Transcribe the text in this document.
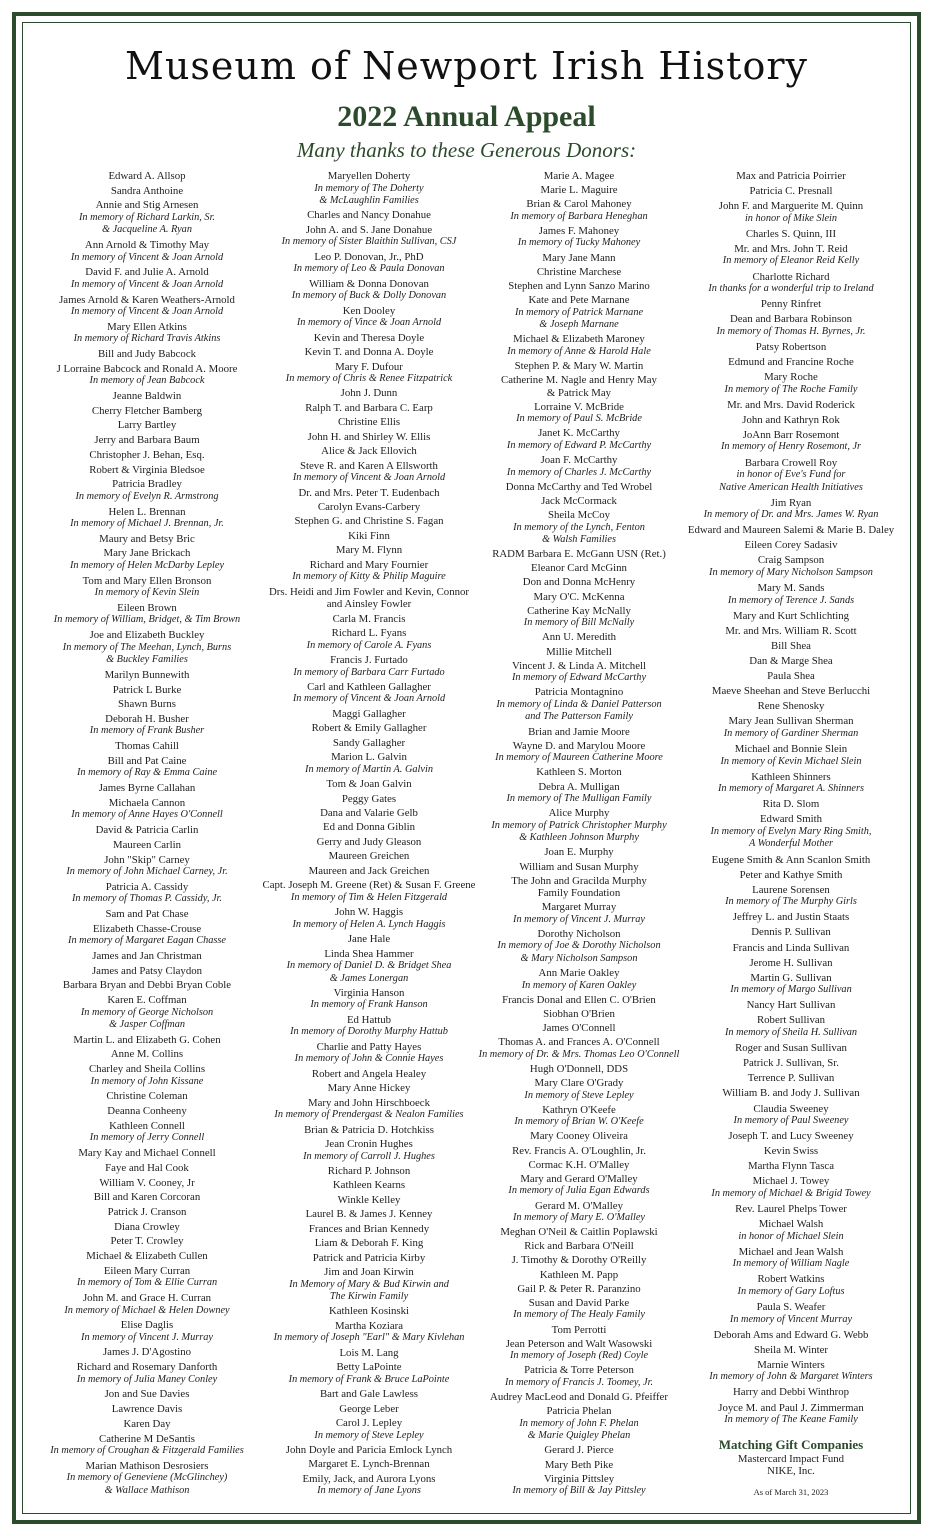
Museum of Newport Irish History
2022 Annual Appeal
Many thanks to these Generous Donors:
Edward A. Allsop
Sandra Anthoine
Annie and Stig Arnesen
In memory of Richard Larkin, Sr.
& Jacqueline A. Ryan
Ann Arnold & Timothy May
In memory of Vincent & Joan Arnold
David F. and Julie A. Arnold
In memory of Vincent & Joan Arnold
James Arnold & Karen Weathers-Arnold
In memory of Vincent & Joan Arnold
Mary Ellen Atkins
In memory of Richard Travis Atkins
Bill and Judy Babcock
J Lorraine Babcock and Ronald A. Moore
In memory of Jean Babcock
Jeanne Baldwin
Cherry Fletcher Bamberg
Larry Bartley
Jerry and Barbara Baum
Christopher J. Behan, Esq.
Robert & Virginia Bledsoe
Patricia Bradley
In memory of Evelyn R. Armstrong
Helen L. Brennan
In memory of Michael J. Brennan, Jr.
Maury and Betsy Bric
Mary Jane Brickach
In memory of Helen McDarby Lepley
Tom and Mary Ellen Bronson
In memory of Kevin Slein
Eileen Brown
In memory of William, Bridget, & Tim Brown
Joe and Elizabeth Buckley
In memory of The Meehan, Lynch, Burns
& Buckley Families
Marilyn Bunnewith
Patrick L Burke
Shawn Burns
Deborah H. Busher
In memory of Frank Busher
Thomas Cahill
Bill and Pat Caine
In memory of Ray & Emma Caine
James Byrne Callahan
Michaela Cannon
In memory of Anne Hayes O'Connell
David & Patricia Carlin
Maureen Carlin
John "Skip" Carney
In memory of John Michael Carney, Jr.
Patricia A. Cassidy
In memory of Thomas P. Cassidy, Jr.
Sam and Pat Chase
Elizabeth Chasse-Crouse
In memory of Margaret Eagan Chasse
James and Jan Christman
James and Patsy Claydon
Barbara Bryan and Debbi Bryan Coble
Karen E. Coffman
In memory of George Nicholson
& Jasper Coffman
Martin L. and Elizabeth G. Cohen
Anne M. Collins
Charley and Sheila Collins
In memory of John Kissane
Christine Coleman
Deanna Conheeny
Kathleen Connell
In memory of Jerry Connell
Mary Kay and Michael Connell
Faye and Hal Cook
William V. Cooney, Jr
Bill and Karen Corcoran
Patrick J. Cranson
Diana Crowley
Peter T. Crowley
Michael & Elizabeth Cullen
Eileen Mary Curran
In memory of Tom & Ellie Curran
John M. and Grace H. Curran
In memory of Michael & Helen Downey
Elise Daglis
In memory of Vincent J. Murray
James J. D'Agostino
Richard and Rosemary Danforth
In memory of Julia Maney Conley
Jon and Sue Davies
Lawrence Davis
Karen Day
Catherine M DeSantis
In memory of Croughan & Fitzgerald Families
Marian Mathison Desrosiers
In memory of Geneviene (McGlinchey)
& Wallace Mathison
Maryellen Doherty
In memory of The Doherty
& McLaughlin Families
Charles and Nancy Donahue
John A. and S. Jane Donahue
In memory of Sister Blaithin Sullivan, CSJ
Leo P. Donovan, Jr., PhD
In memory of Leo & Paula Donovan
William & Donna Donovan
In memory of Buck & Dolly Donovan
Ken Dooley
In memory of Vince & Joan Arnold
Kevin and Theresa Doyle
Kevin T. and Donna A. Doyle
Mary F. Dufour
In memory of Chris & Renee Fitzpatrick
John J. Dunn
Ralph T. and Barbara C. Earp
Christine Ellis
John H. and Shirley W. Ellis
Alice & Jack Ellovich
Steve R. and Karen A Ellsworth
In memory of Vincent & Joan Arnold
Dr. and Mrs. Peter T. Eudenbach
Carolyn Evans-Carbery
Stephen G. and Christine S. Fagan
Kiki Finn
Mary M. Flynn
Richard and Mary Fournier
In memory of Kitty & Philip Maguire
Drs. Heidi and Jim Fowler and Kevin, Connor
and Ainsley Fowler
Carla M. Francis
Richard L. Fyans
In memory of Carole A. Fyans
Francis J. Furtado
In memory of Barbara Carr Furtado
Carl and Kathleen Gallagher
In memory of Vincent & Joan Arnold
Maggi Gallagher
Robert & Emily Gallagher
Sandy Gallagher
Marion L. Galvin
In memory of Martin A. Galvin
Tom & Joan Galvin
Peggy Gates
Dana and Valarie Gelb
Ed and Donna Giblin
Gerry and Judy Gleason
Maureen Greichen
Maureen and Jack Greichen
Capt. Joseph M. Greene (Ret) & Susan F. Greene
In memory of Tim & Helen Fitzgerald
John W. Haggis
In memory of Helen A. Lynch Haggis
Jane Hale
Linda Shea Hammer
In memory of Daniel D. & Bridget Shea
& James Lonergan
Virginia Hanson
In memory of Frank Hanson
Ed Hattub
In memory of Dorothy Murphy Hattub
Charlie and Patty Hayes
In memory of John & Connie Hayes
Robert and Angela Healey
Mary Anne Hickey
Mary and John Hirschboeck
In memory of Prendergast & Nealon Families
Brian & Patricia D. Hotchkiss
Jean Cronin Hughes
In memory of Carroll J. Hughes
Richard P. Johnson
Kathleen Kearns
Winkle Kelley
Laurel B. & James J. Kenney
Frances and Brian Kennedy
Liam & Deborah F. King
Patrick and Patricia Kirby
Jim and Joan Kirwin
In Memory of Mary & Bud Kirwin and
The Kirwin Family
Kathleen Kosinski
Martha Koziara
In memory of Joseph "Earl" & Mary Kivlehan
Lois M. Lang
Betty LaPointe
In memory of Frank & Bruce LaPointe
Bart and Gale Lawless
George Leber
Carol J. Lepley
In memory of Steve Lepley
John Doyle and Paricia Emlock Lynch
Margaret E. Lynch-Brennan
Emily, Jack, and Aurora Lyons
In memory of Jane Lyons
Marie A. Magee
Marie L. Maguire
Brian & Carol Mahoney
In memory of Barbara Heneghan
James F. Mahoney
In memory of Tucky Mahoney
Mary Jane Mann
Christine Marchese
Stephen and Lynn Sanzo Marino
Kate and Pete Marnane
In memory of Patrick Marnane
& Joseph Marnane
Michael & Elizabeth Maroney
In memory of Anne & Harold Hale
Stephen P. & Mary W. Martin
Catherine M. Nagle and Henry May
& Patrick May
Lorraine V. McBride
In memory of Paul S. McBride
Janet K. McCarthy
In memory of Edward P. McCarthy
Joan F. McCarthy
In memory of Charles J. McCarthy
Donna McCarthy and Ted Wrobel
Jack McCormack
Sheila McCoy
In memory of the Lynch, Fenton
& Walsh Families
RADM Barbara E. McGann USN (Ret.)
Eleanor Card McGinn
Don and Donna McHenry
Mary O'C. McKenna
Catherine Kay McNally
In memory of Bill McNally
Ann U. Meredith
Millie Mitchell
Vincent J. & Linda A. Mitchell
In memory of Edward McCarthy
Patricia Montagnino
In memory of Linda & Daniel Patterson
and The Patterson Family
Brian and Jamie Moore
Wayne D. and Marylou Moore
In memory of Maureen Catherine Moore
Kathleen S. Morton
Debra A. Mulligan
In memory of The Mulligan Family
Alice Murphy
In memory of Patrick Christopher Murphy
& Kathleen Johnson Murphy
Joan E. Murphy
William and Susan Murphy
The John and Gracilda Murphy
Family Foundation
Margaret Murray
In memory of Vincent J. Murray
Dorothy Nicholson
In memory of Joe & Dorothy Nicholson
& Mary Nicholson Sampson
Ann Marie Oakley
In memory of Karen Oakley
Francis Donal and Ellen C. O'Brien
Siobhan O'Brien
James O'Connell
Thomas A. and Frances A. O'Connell
In memory of Dr. & Mrs. Thomas Leo O'Connell
Hugh O'Donnell, DDS
Mary Clare O'Grady
In memory of Steve Lepley
Kathryn O'Keefe
In memory of Brian W. O'Keefe
Mary Cooney Oliveira
Rev. Francis A. O'Loughlin, Jr.
Cormac K.H. O'Malley
Mary and Gerard O'Malley
In memory of Julia Egan Edwards
Gerard M. O'Malley
In memory of Mary E. O'Malley
Meghan O'Neil & Caitlin Poplawski
Rick and Barbara O'Neill
J. Timothy & Dorothy O'Reilly
Kathleen M. Papp
Gail P. & Peter R. Paranzino
Susan and David Parke
In memory of The Healy Family
Tom Perrotti
Jean Peterson and Walt Wasowski
In memory of Joseph (Red) Coyle
Patricia & Torre Peterson
In memory of Francis J. Toomey, Jr.
Audrey MacLeod and Donald G. Pfeiffer
Patricia Phelan
In memory of John F. Phelan
& Marie Quigley Phelan
Gerard J. Pierce
Mary Beth Pike
Virginia Pittsley
In memory of Bill & Jay Pittsley
Max and Patricia Poirrier
Patricia C. Presnall
John F. and Marguerite M. Quinn
in honor of Mike Slein
Charles S. Quinn, III
Mr. and Mrs. John T. Reid
In memory of Eleanor Reid Kelly
Charlotte Richard
In thanks for a wonderful trip to Ireland
Penny Rinfret
Dean and Barbara Robinson
In memory of Thomas H. Byrnes, Jr.
Patsy Robertson
Edmund and Francine Roche
Mary Roche
In memory of The Roche Family
Mr. and Mrs. David Roderick
John and Kathryn Rok
JoAnn Barr Rosemont
In memory of Henry Rosemont, Jr
Barbara Crowell Roy
in honor of Eve's Fund for
Native American Health Initiatives
Jim Ryan
In memory of Dr. and Mrs. James W. Ryan
Edward and Maureen Salemi & Marie B. Daley
Eileen Corey Sadasiv
Craig Sampson
In memory of Mary Nicholson Sampson
Mary M. Sands
In memory of Terence J. Sands
Mary and Kurt Schlichting
Mr. and Mrs. William R. Scott
Bill Shea
Dan & Marge Shea
Paula Shea
Maeve Sheehan and Steve Berlucchi
Rene Shenosky
Mary Jean Sullivan Sherman
In memory of Gardiner Sherman
Michael and Bonnie Slein
In memory of Kevin Michael Slein
Kathleen Shinners
In memory of Margaret A. Shinners
Rita D. Slom
Edward Smith
In memory of Evelyn Mary Ring Smith,
A Wonderful Mother
Eugene Smith & Ann Scanlon Smith
Peter and Kathye Smith
Laurene Sorensen
In memory of The Murphy Girls
Jeffrey L. and Justin Staats
Dennis P. Sullivan
Francis and Linda Sullivan
Jerome H. Sullivan
Martin G. Sullivan
In memory of Margo Sullivan
Nancy Hart Sullivan
Robert Sullivan
In memory of Sheila H. Sullivan
Roger and Susan Sullivan
Patrick J. Sullivan, Sr.
Terrence P. Sullivan
William B. and Jody J. Sullivan
Claudia Sweeney
In memory of Paul Sweeney
Joseph T. and Lucy Sweeney
Kevin Swiss
Martha Flynn Tasca
Michael J. Towey
In memory of Michael & Brigid Towey
Rev. Laurel Phelps Tower
Michael Walsh
in honor of Michael Slein
Michael and Jean Walsh
In memory of William Nagle
Robert Watkins
In memory of Gary Loftus
Paula S. Weafer
In memory of Vincent Murray
Deborah Ams and Edward G. Webb
Sheila M. Winter
Marnie Winters
In memory of John & Margaret Winters
Harry and Debbi Winthrop
Joyce M. and Paul J. Zimmerman
In memory of The Keane Family
Matching Gift Companies
Mastercard Impact Fund
NIKE, Inc.
As of March 31, 2023
